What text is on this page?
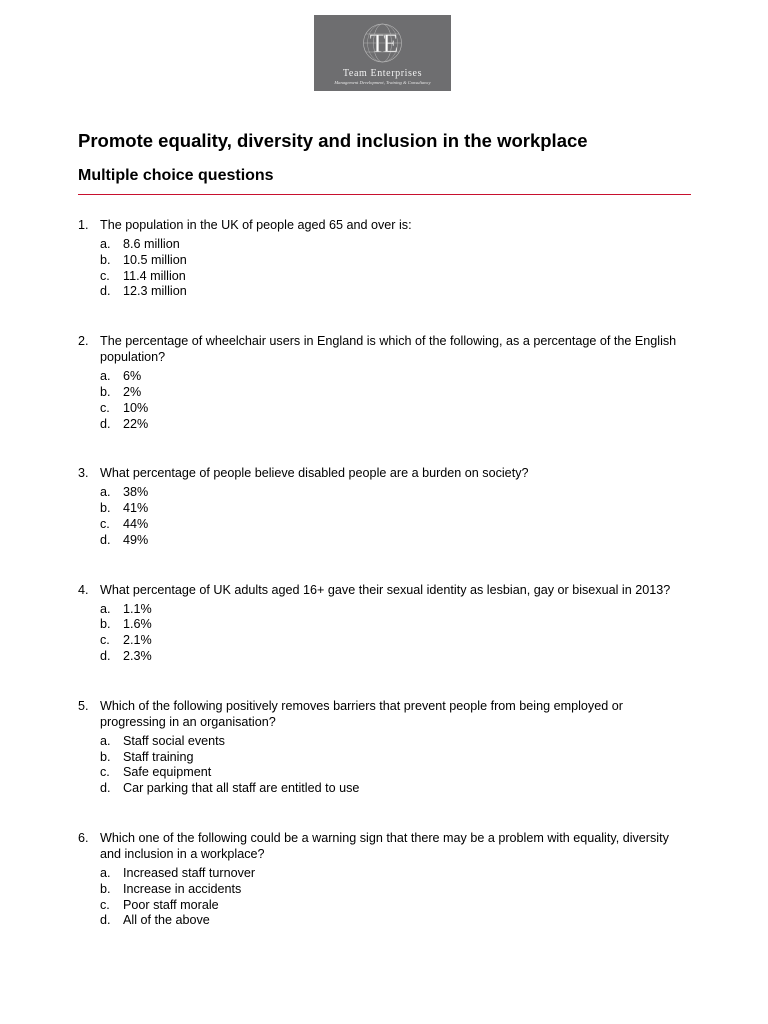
TE
Team Enterprises
Management Development, Training & Consultancy
Promote equality, diversity and inclusion in the workplace
Multiple choice questions
1. The population in the UK of people aged 65 and over is:
a. 8.6 million
b. 10.5 million
c.	11.4 million
d. 12.3 million
2. The percentage of wheelchair users in England is which of the following, as a percentage of the English population?
a. 6%
b. 2%
c.	10%
d. 22%
3. What percentage of people believe disabled people are a burden on society?
a. 38%
b. 41%
c.	44%
d. 49%
4. What percentage of UK adults aged 16+ gave their sexual identity as lesbian, gay or bisexual in 2013?
a. 1.1%
b. 1.6%
c.	2.1%
d. 2.3%
5. Which of the following positively removes barriers that prevent people from being employed or progressing in an organisation?
a. Staff social events
b. Staff training
c.	Safe equipment
d. Car parking that all staff are entitled to use
6. Which one of the following could be a warning sign that there may be a problem with equality, diversity and inclusion in a workplace?
a. Increased staff turnover
b. Increase in accidents
c.	Poor staff morale
d. All of the above
